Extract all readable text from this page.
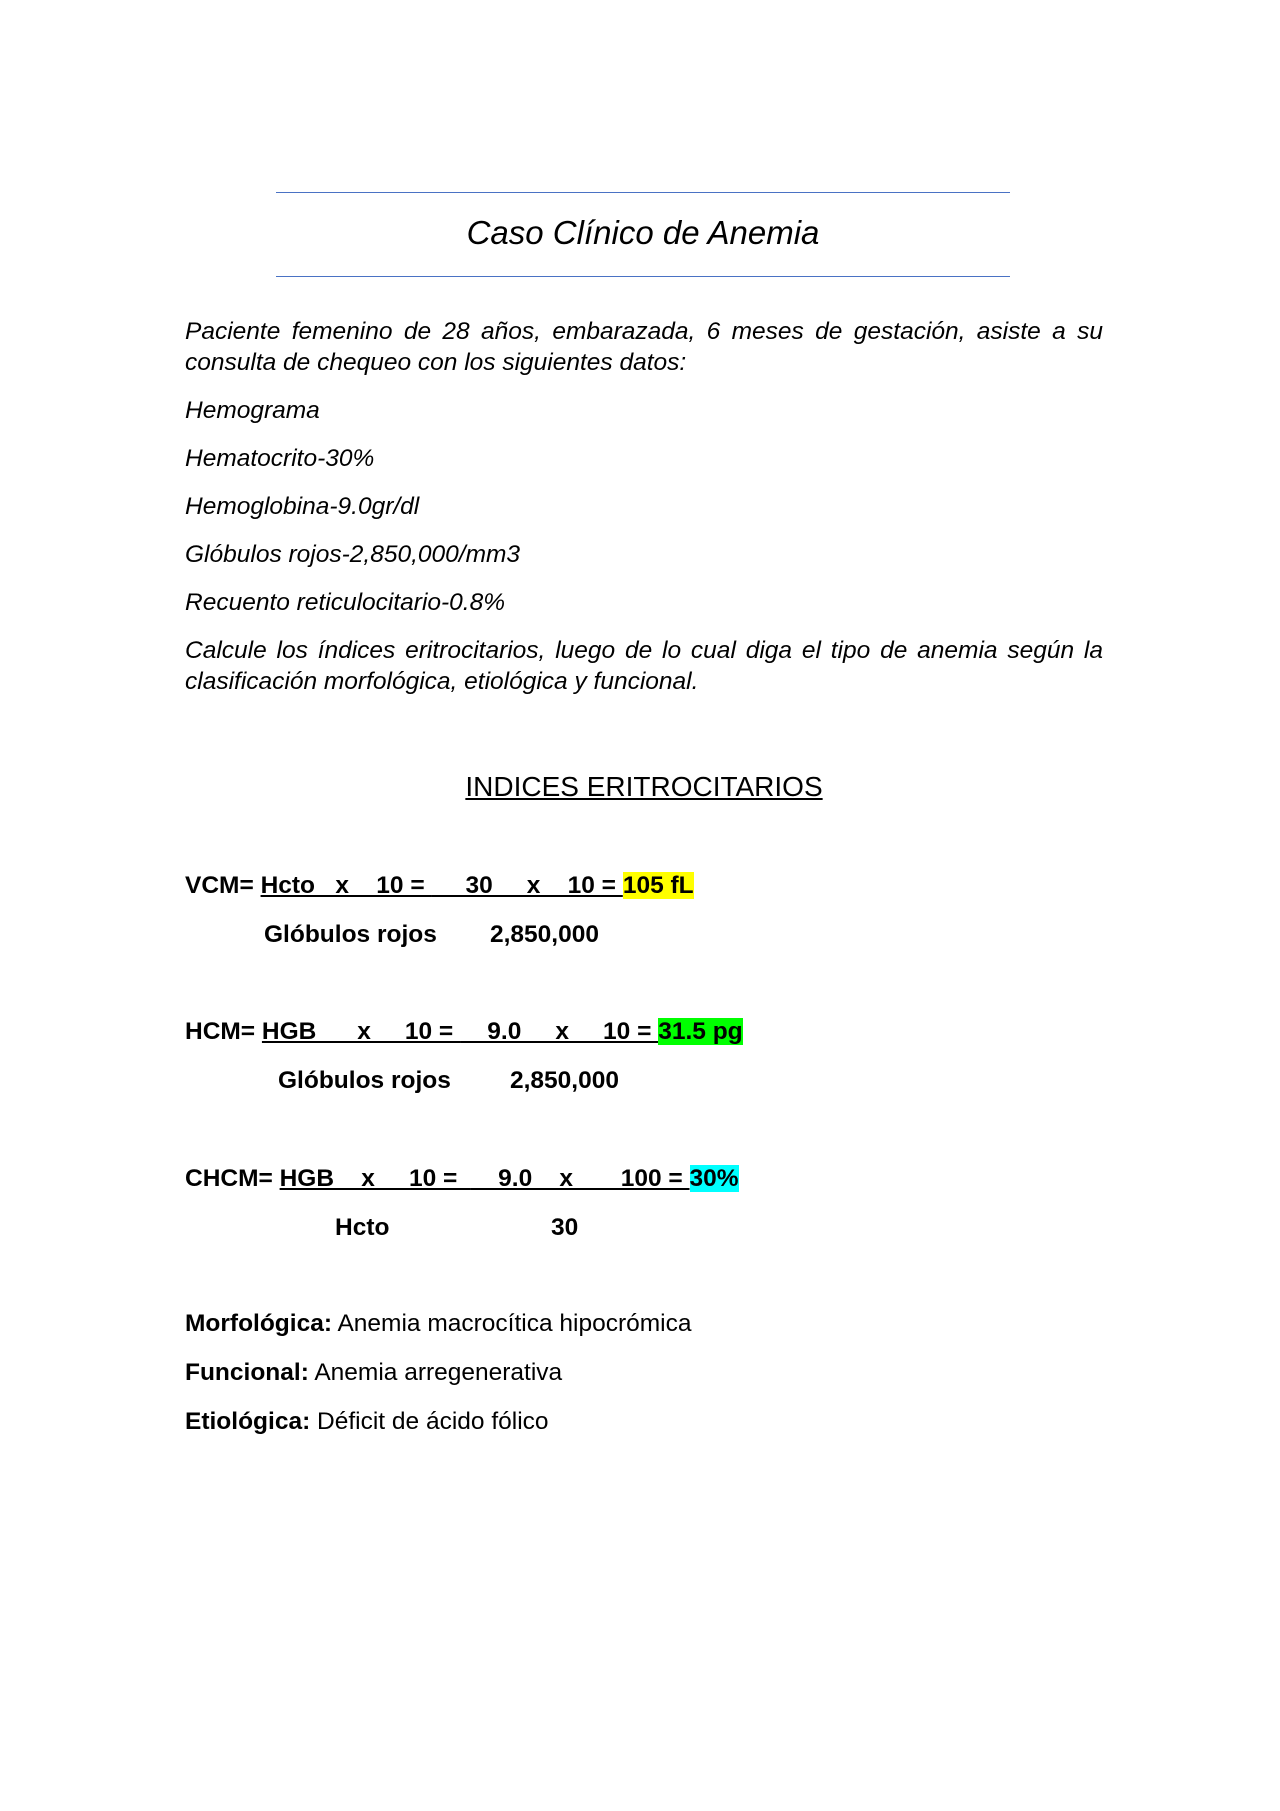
Caso Clínico de Anemia

Paciente femenino de 28 años, embarazada, 6 meses de gestación, asiste a su consulta de chequeo con los siguientes datos:

Hemograma

Hematocrito-30%

Hemoglobina-9.0gr/dl

Glóbulos rojos-2,850,000/mm3

Recuento reticulocitario-0.8%

Calcule los índices eritrocitarios, luego de lo cual diga el tipo de anemia según la clasificación morfológica, etiológica y funcional.

INDICES ERITROCITARIOS
VCM= Hcto   x    10 =      30     x    10 = 105 fL
Glóbulos rojos 2,850,000
HCM= HGB      x     10 =     9.0     x     10 = 31.5 pg
Glóbulos rojos 2,850,000
CHCM= HGB    x     10 =      9.0    x       100 = 30%
Hcto	30
Morfológica: Anemia macrocítica hipocrómica
Funcional: Anemia arregenerativa
Etiológica: Déficit de ácido fólico
